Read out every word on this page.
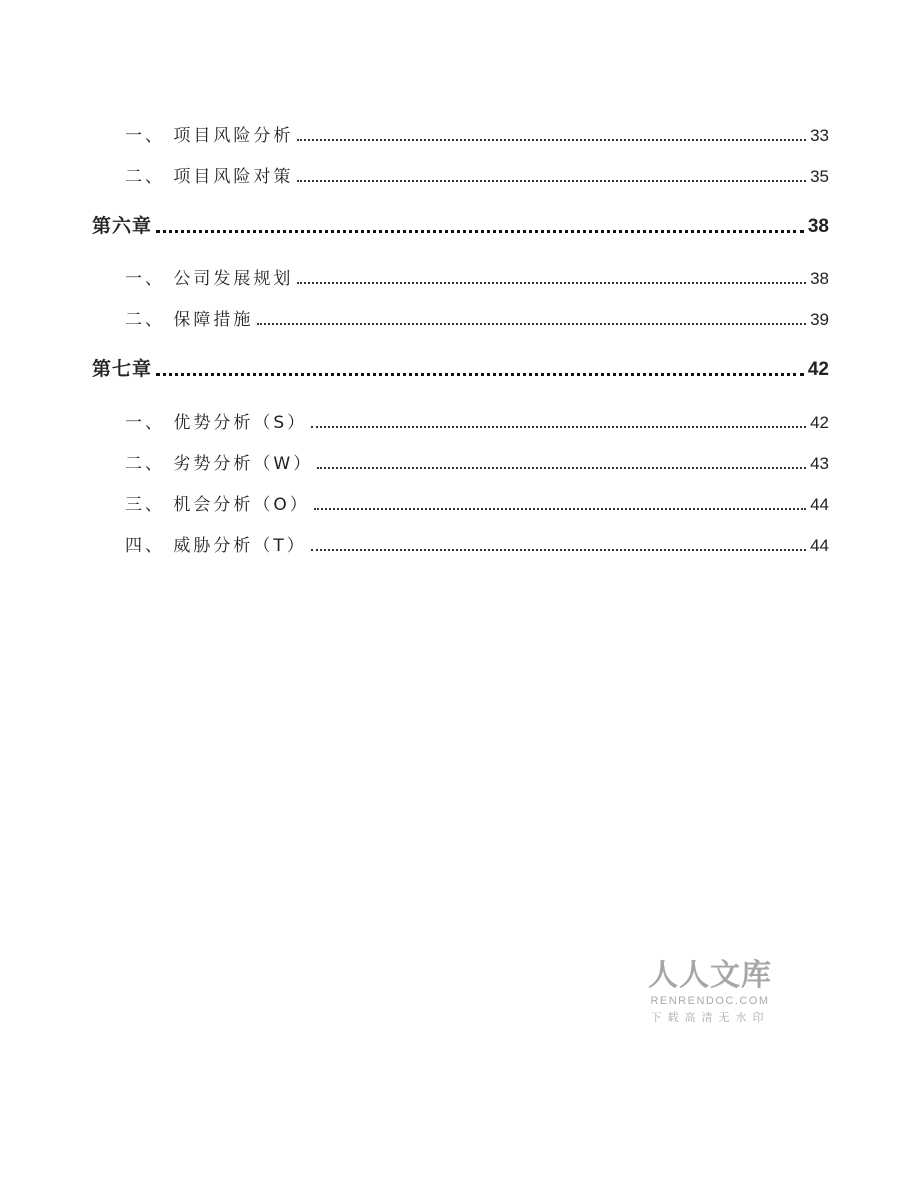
一、 项目风险分析	33
二、 项目风险对策	35
第六章	38
一、 公司发展规划	38
二、 保障措施	39
第七章	42
一、 优势分析（S）	42
二、 劣势分析（W）	43
三、 机会分析（O）	44
四、 威胁分析（T）	44
人人文库
RENRENDOC.COM
下载高清无水印
